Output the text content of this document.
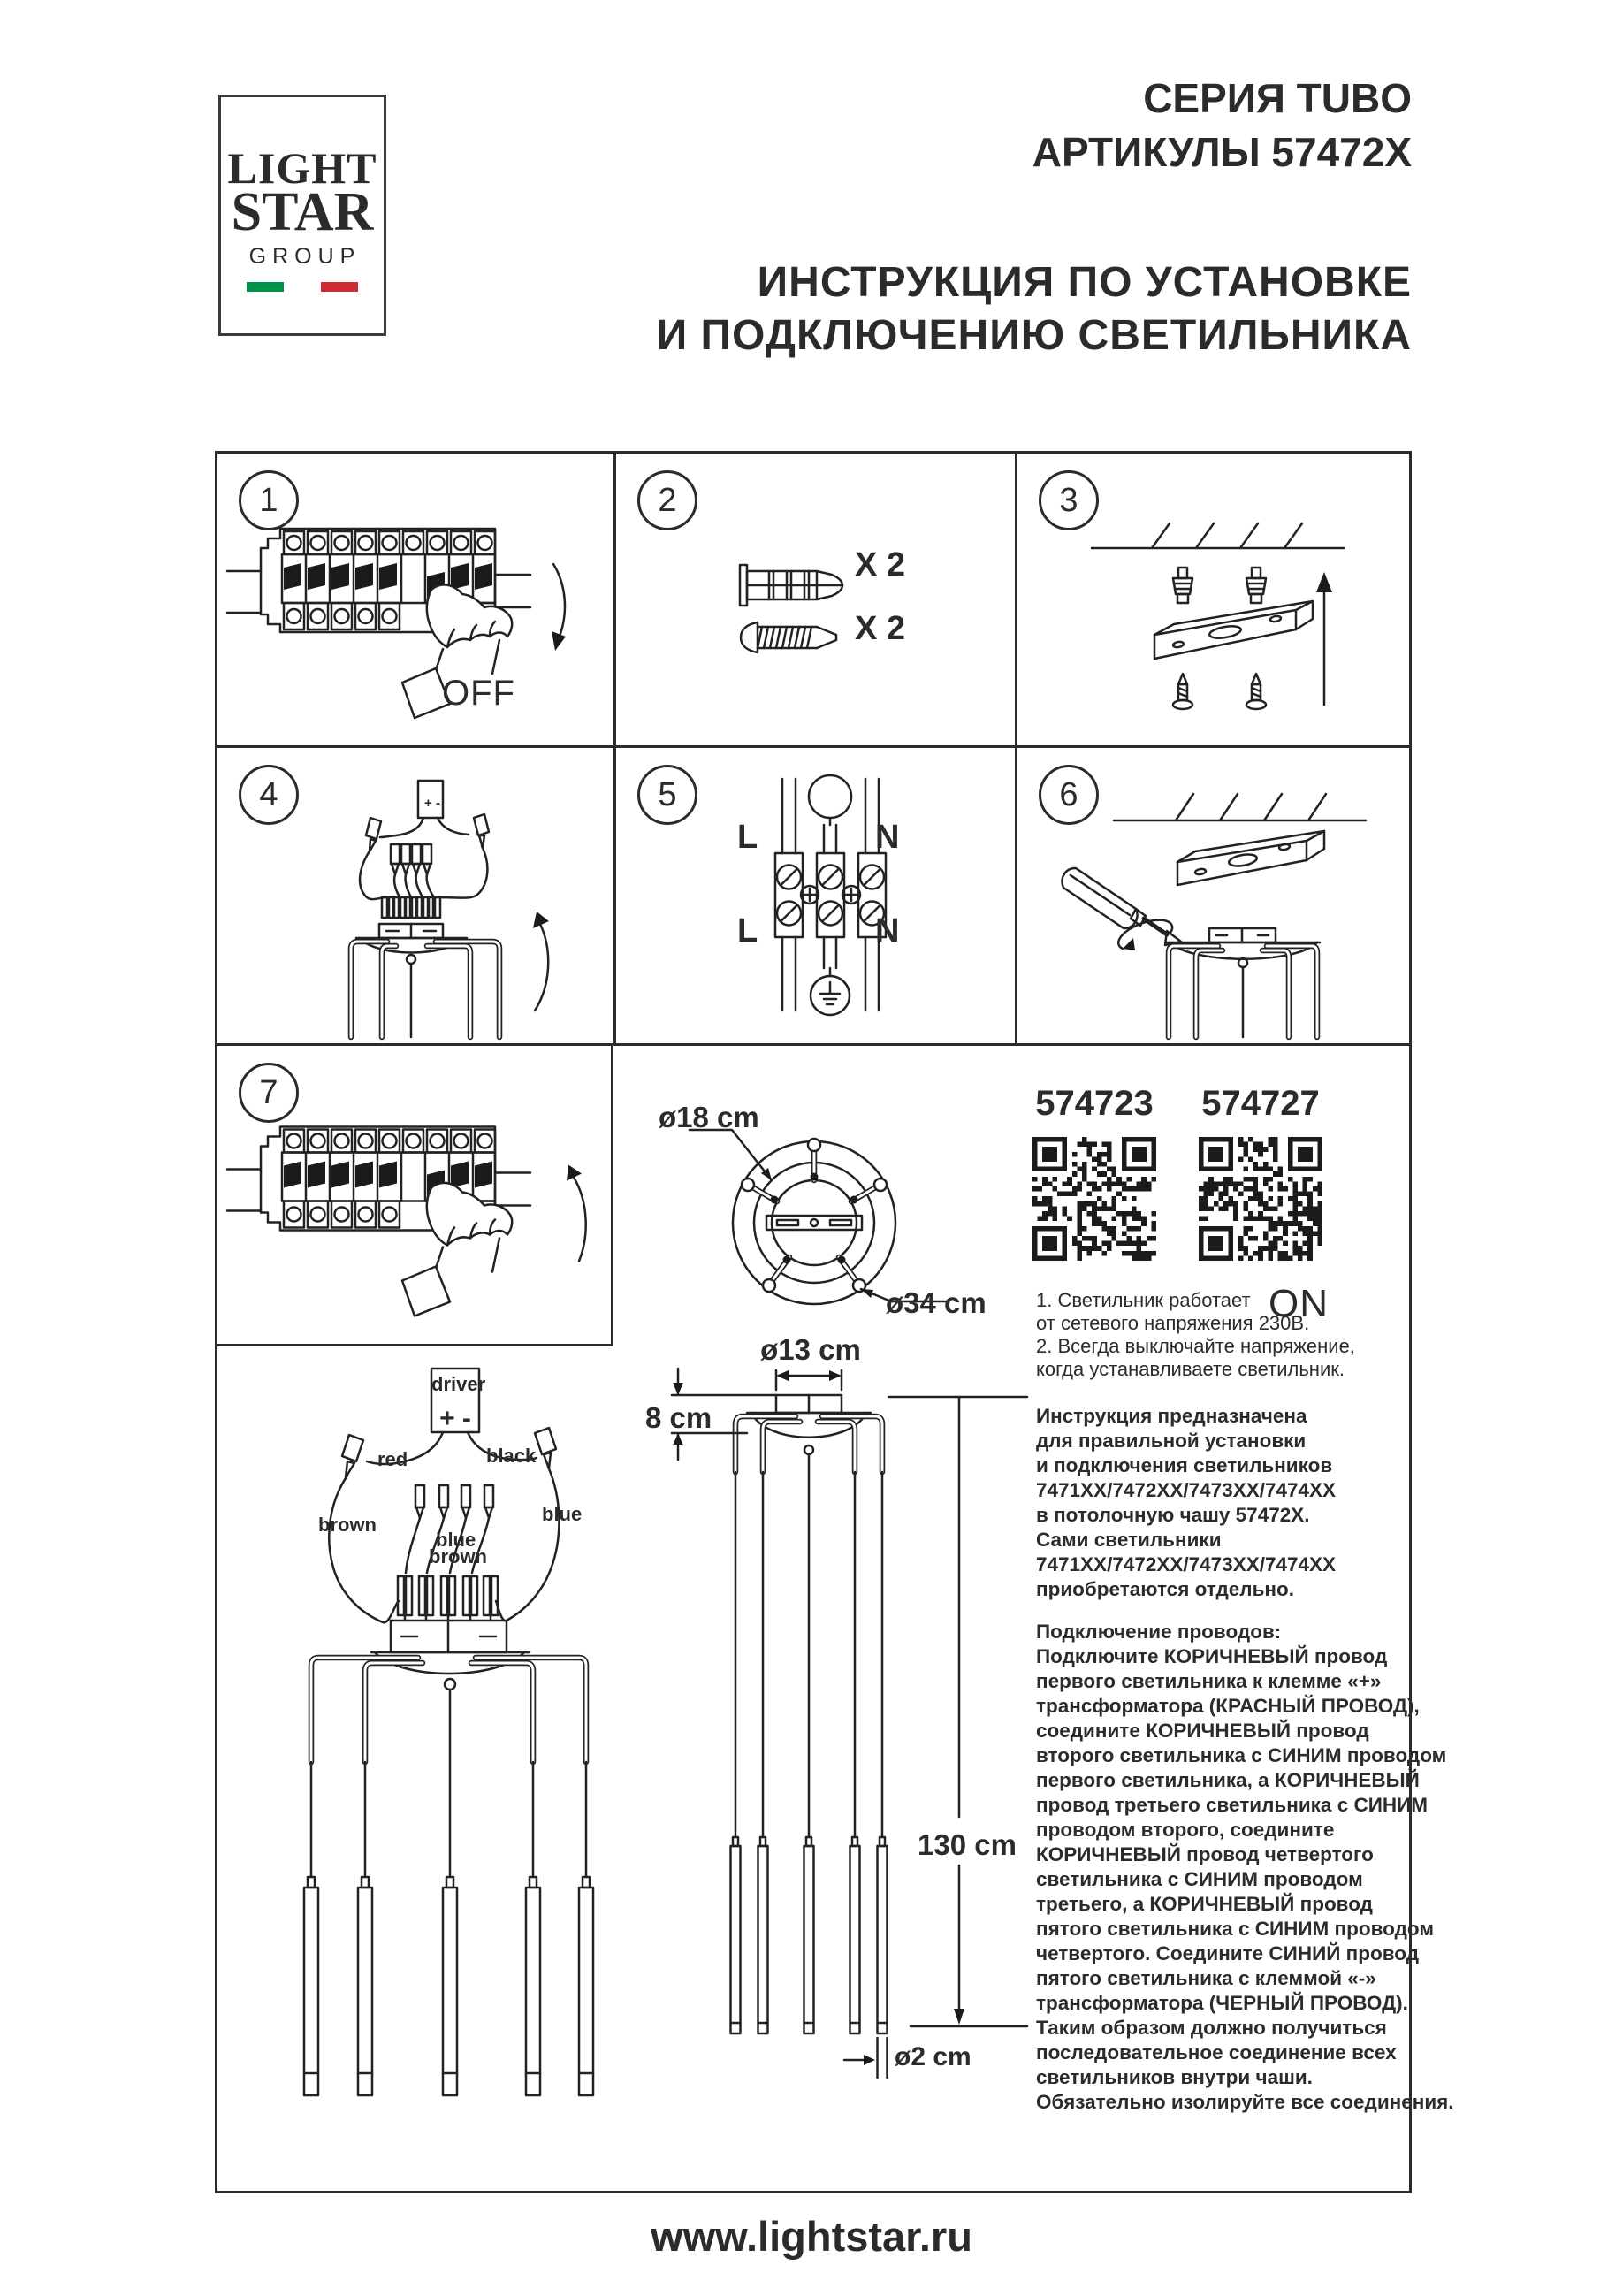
LIGHT
STAR
GROUP
СЕРИЯ TUBO
АРТИКУЛЫ 57472X
ИНСТРУКЦИЯ ПО УСТАНОВКЕ
И ПОДКЛЮЧЕНИЮ СВЕТИЛЬНИКА
1	2	3
4	5	6
7
OFF
X 2
X 2
+ -
L	N
L	N
ON
driver
+ -
red	black
brown	blue
blue
brown
ø18 cm
ø34 cm
ø13 cm
8 cm
130 cm
ø2 cm
574723 574727
1. Светильник работает
от сетевого напряжения 230В.
2. Всегда выключайте напряжение,
когда устанавливаете светильник.
Инструкция предназначена
для правильной установки
и подключения светильников
7471XX/7472XX/7473XX/7474XX
в потолочную чашу 57472X.
Сами светильники
7471XX/7472XX/7473XX/7474XX
приобретаются отдельно.
Подключение проводов:
Подключите КОРИЧНЕВЫЙ провод
первого светильника к клемме «+»
трансформатора (КРАСНЫЙ ПРОВОД),
соедините КОРИЧНЕВЫЙ провод
второго светильника с СИНИМ проводом
первого светильника, а КОРИЧНЕВЫЙ
провод третьего светильника с СИНИМ
проводом второго, соедините
КОРИЧНЕВЫЙ провод четвертого
светильника с СИНИМ проводом
третьего, а КОРИЧНЕВЫЙ провод
пятого светильника с СИНИМ проводом
четвертого. Соедините СИНИЙ провод
пятого светильника с клеммой «-»
трансформатора (ЧЕРНЫЙ ПРОВОД).
Таким образом должно получиться
последовательное соединение всех
светильников внутри чаши.
Обязательно изолируйте все соединения.
www.lightstar.ru
